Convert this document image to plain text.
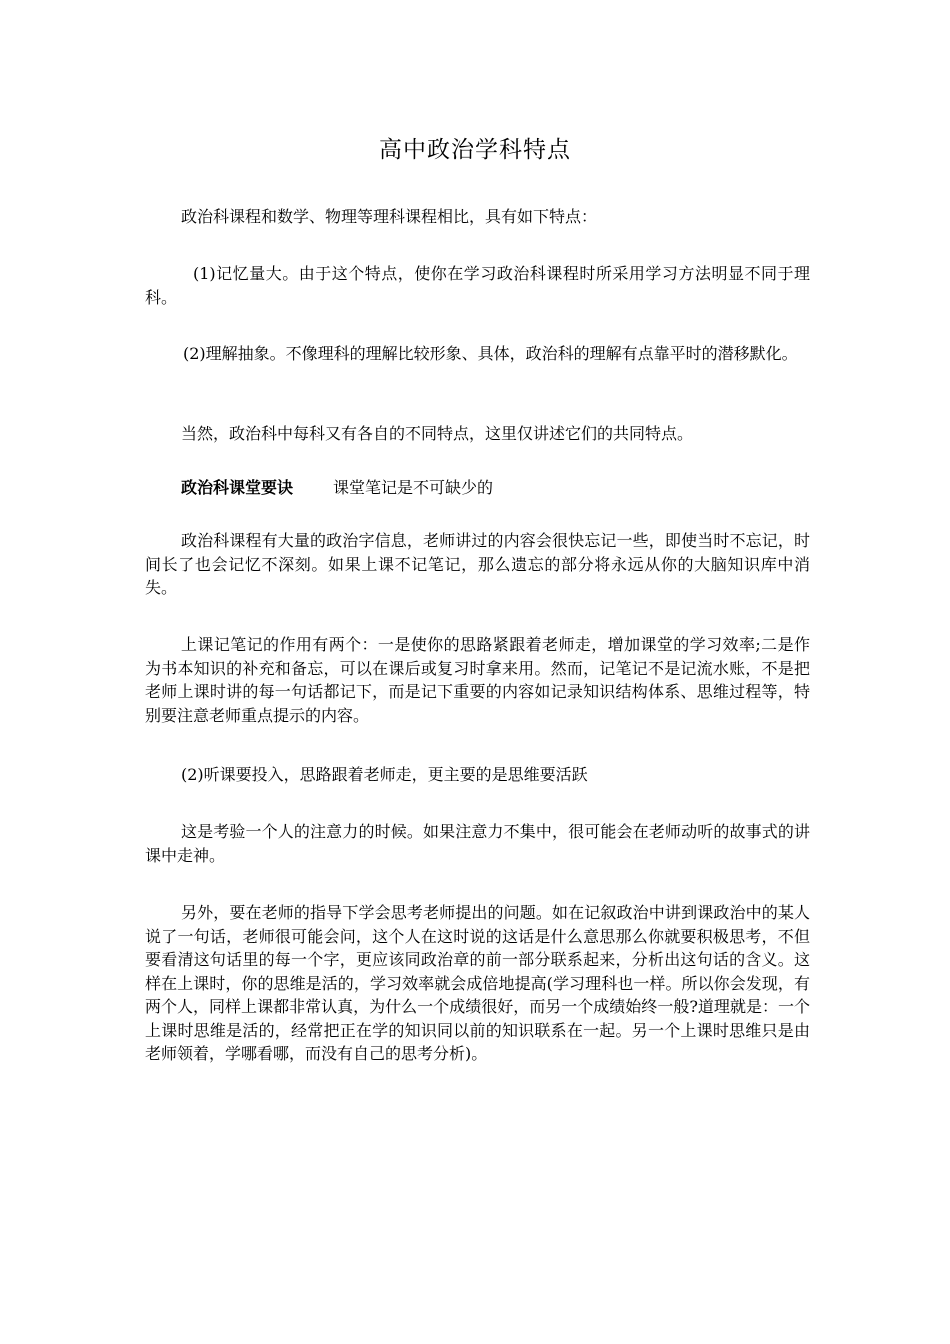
高中政治学科特点

政治科课程和数学、物理等理科课程相比，具有如下特点：

(1)记忆量大。由于这个特点，使你在学习政治科课程时所采用学习方法明显不同于理科。

(2)理解抽象。不像理科的理解比较形象、具体，政治科的理解有点靠平时的潜移默化。

当然，政治科中每科又有各自的不同特点，这里仅讲述它们的共同特点。

政治科课堂要诀	课堂笔记是不可缺少的

政治科课程有大量的政治字信息，老师讲过的内容会很快忘记一些，即使当时不忘记，时间长了也会记忆不深刻。如果上课不记笔记，那么遗忘的部分将永远从你的大脑知识库中消失。

上课记笔记的作用有两个：一是使你的思路紧跟着老师走，增加课堂的学习效率;二是作为书本知识的补充和备忘，可以在课后或复习时拿来用。然而，记笔记不是记流水账，不是把老师上课时讲的每一句话都记下，而是记下重要的内容如记录知识结构体系、思维过程等，特别要注意老师重点提示的内容。

(2)听课要投入，思路跟着老师走，更主要的是思维要活跃

这是考验一个人的注意力的时候。如果注意力不集中，很可能会在老师动听的故事式的讲课中走神。

另外，要在老师的指导下学会思考老师提出的问题。如在记叙政治中讲到课政治中的某人说了一句话，老师很可能会问，这个人在这时说的这话是什么意思那么你就要积极思考，不但要看清这句话里的每一个字，更应该同政治章的前一部分联系起来，分析出这句话的含义。这样在上课时，你的思维是活的，学习效率就会成倍地提高(学习理科也一样。所以你会发现，有两个人，同样上课都非常认真，为什么一个成绩很好，而另一个成绩始终一般?道理就是：一个上课时思维是活的，经常把正在学的知识同以前的知识联系在一起。另一个上课时思维只是由老师领着，学哪看哪，而没有自己的思考分析)。
